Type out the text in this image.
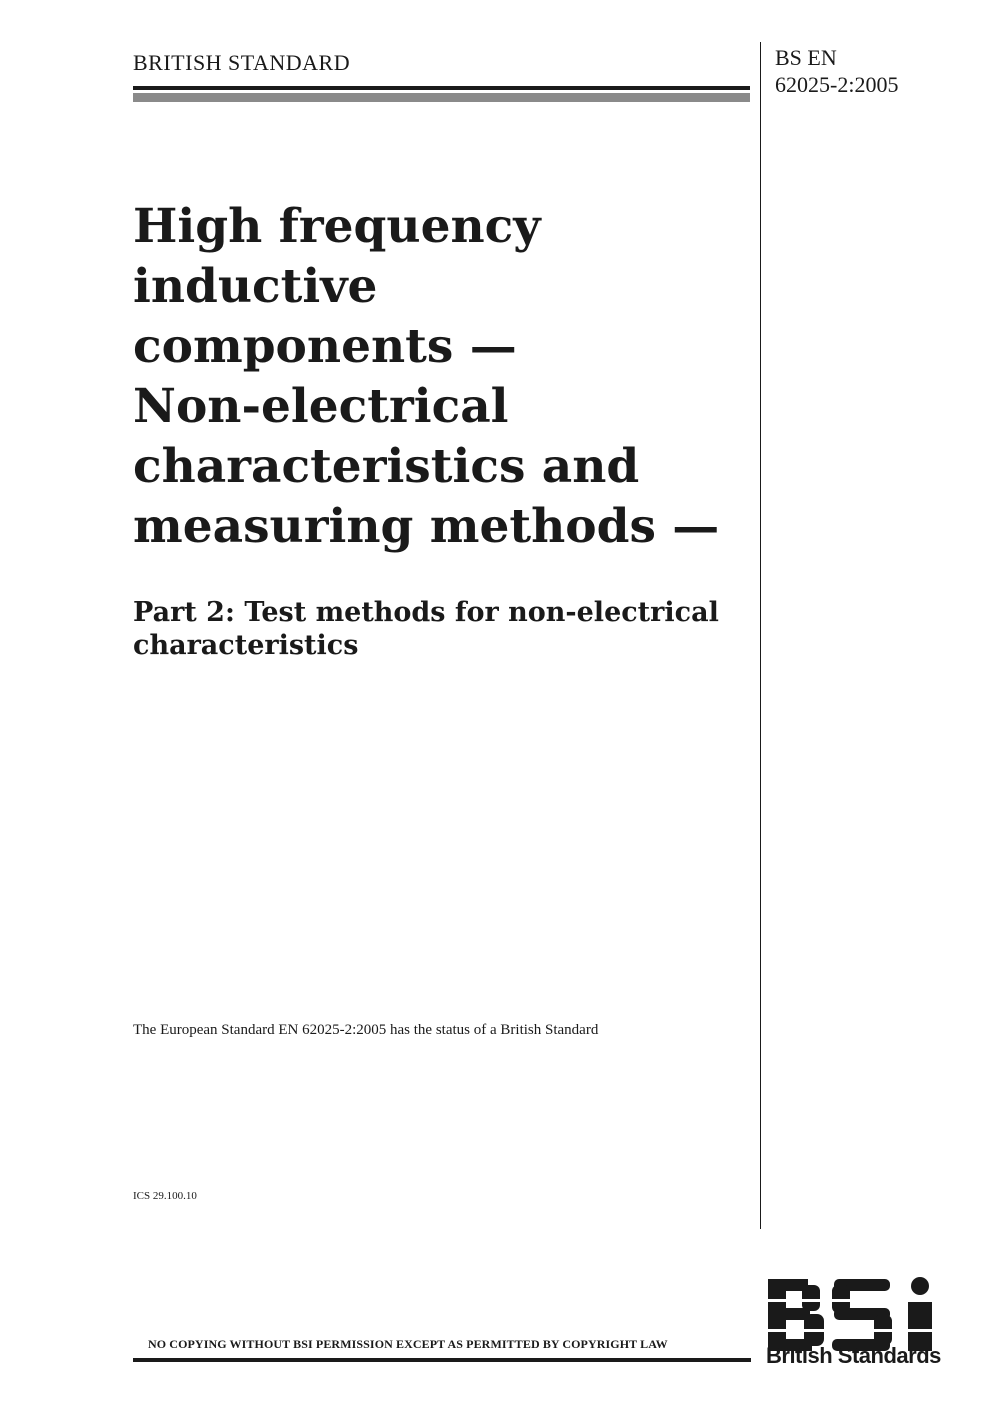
BRITISH STANDARD	BS EN
62025-2:2005
High frequency
inductive
components —
Non-electrical
characteristics and
measuring methods —
Part 2: Test methods for non-electrical
characteristics
The European Standard EN 62025-2:2005 has the status of a British Standard
ICS 29.100.10
NO COPYING WITHOUT BSI PERMISSION EXCEPT AS PERMITTED BY COPYRIGHT LAW	British Standards
